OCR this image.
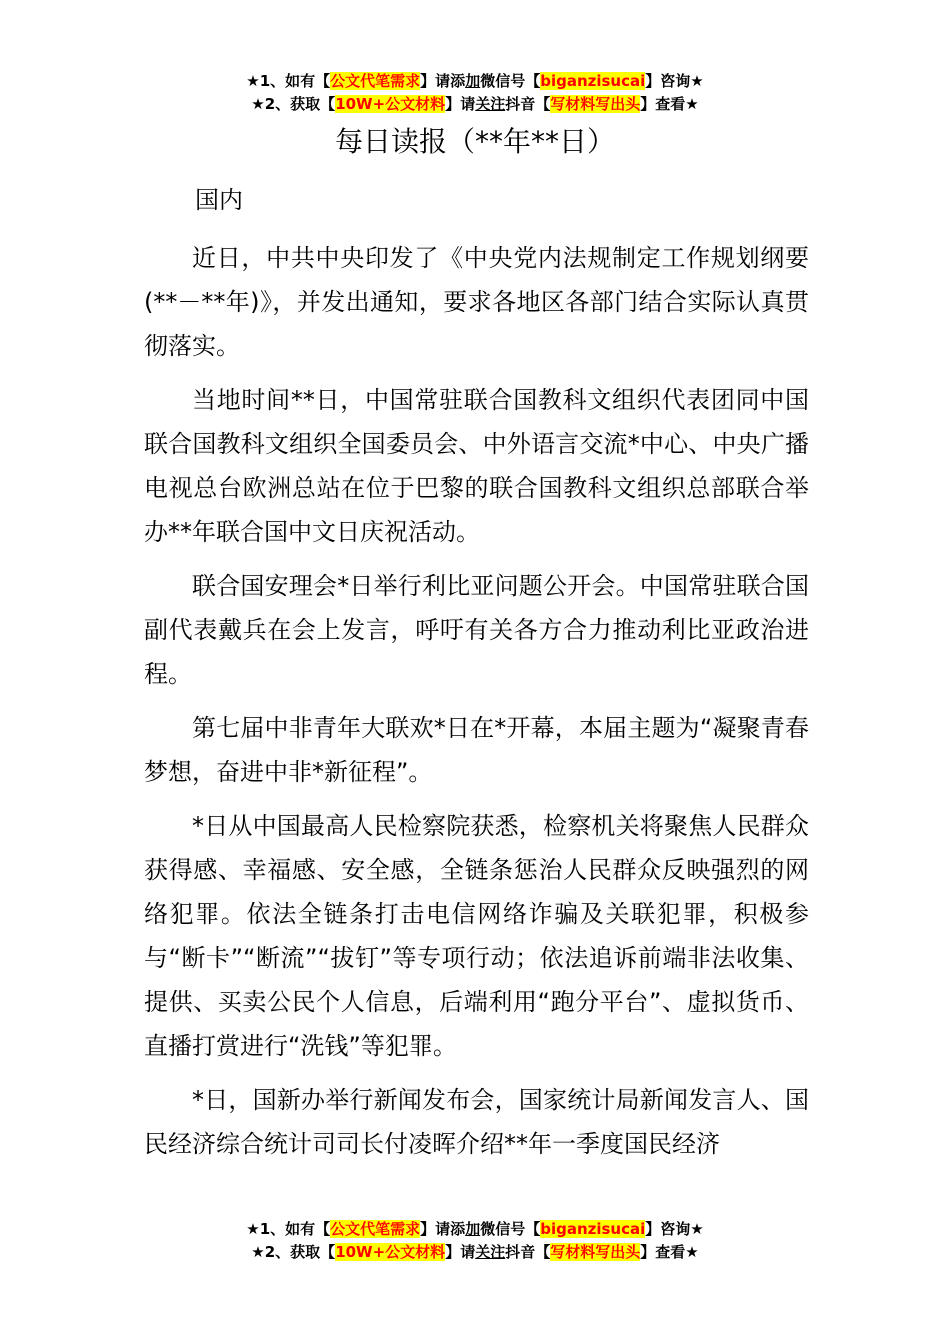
★1、如有【公文代笔需求】请添加微信号【biganzisucai】咨询★
★2、获取【10W+公文材料】请关注抖音【写材料写出头】查看★
每日读报（**年**日）
国内

近日，中共中央印发了《中央党内法规制定工作规划纲要(**－**年)》，并发出通知，要求各地区各部门结合实际认真贯彻落实。

当地时间**日，中国常驻联合国教科文组织代表团同中国联合国教科文组织全国委员会、中外语言交流*中心、中央广播电视总台欧洲总站在位于巴黎的联合国教科文组织总部联合举办**年联合国中文日庆祝活动。

联合国安理会*日举行利比亚问题公开会。中国常驻联合国副代表戴兵在会上发言，呼吁有关各方合力推动利比亚政治进程。

第七届中非青年大联欢*日在*开幕，本届主题为“凝聚青春梦想，奋进中非*新征程”。

*日从中国最高人民检察院获悉，检察机关将聚焦人民群众获得感、幸福感、安全感，全链条惩治人民群众反映强烈的网络犯罪。依法全链条打击电信网络诈骗及关联犯罪，积极参与“断卡”“断流”“拔钉”等专项行动；依法追诉前端非法收集、提供、买卖公民个人信息，后端利用“跑分平台”、虚拟货币、直播打赏进行“洗钱”等犯罪。

*日，国新办举行新闻发布会，国家统计局新闻发言人、国民经济综合统计司司长付凌晖介绍**年一季度国民经济

★1、如有【公文代笔需求】请添加微信号【biganzisucai】咨询★
★2、获取【10W+公文材料】请关注抖音【写材料写出头】查看★
